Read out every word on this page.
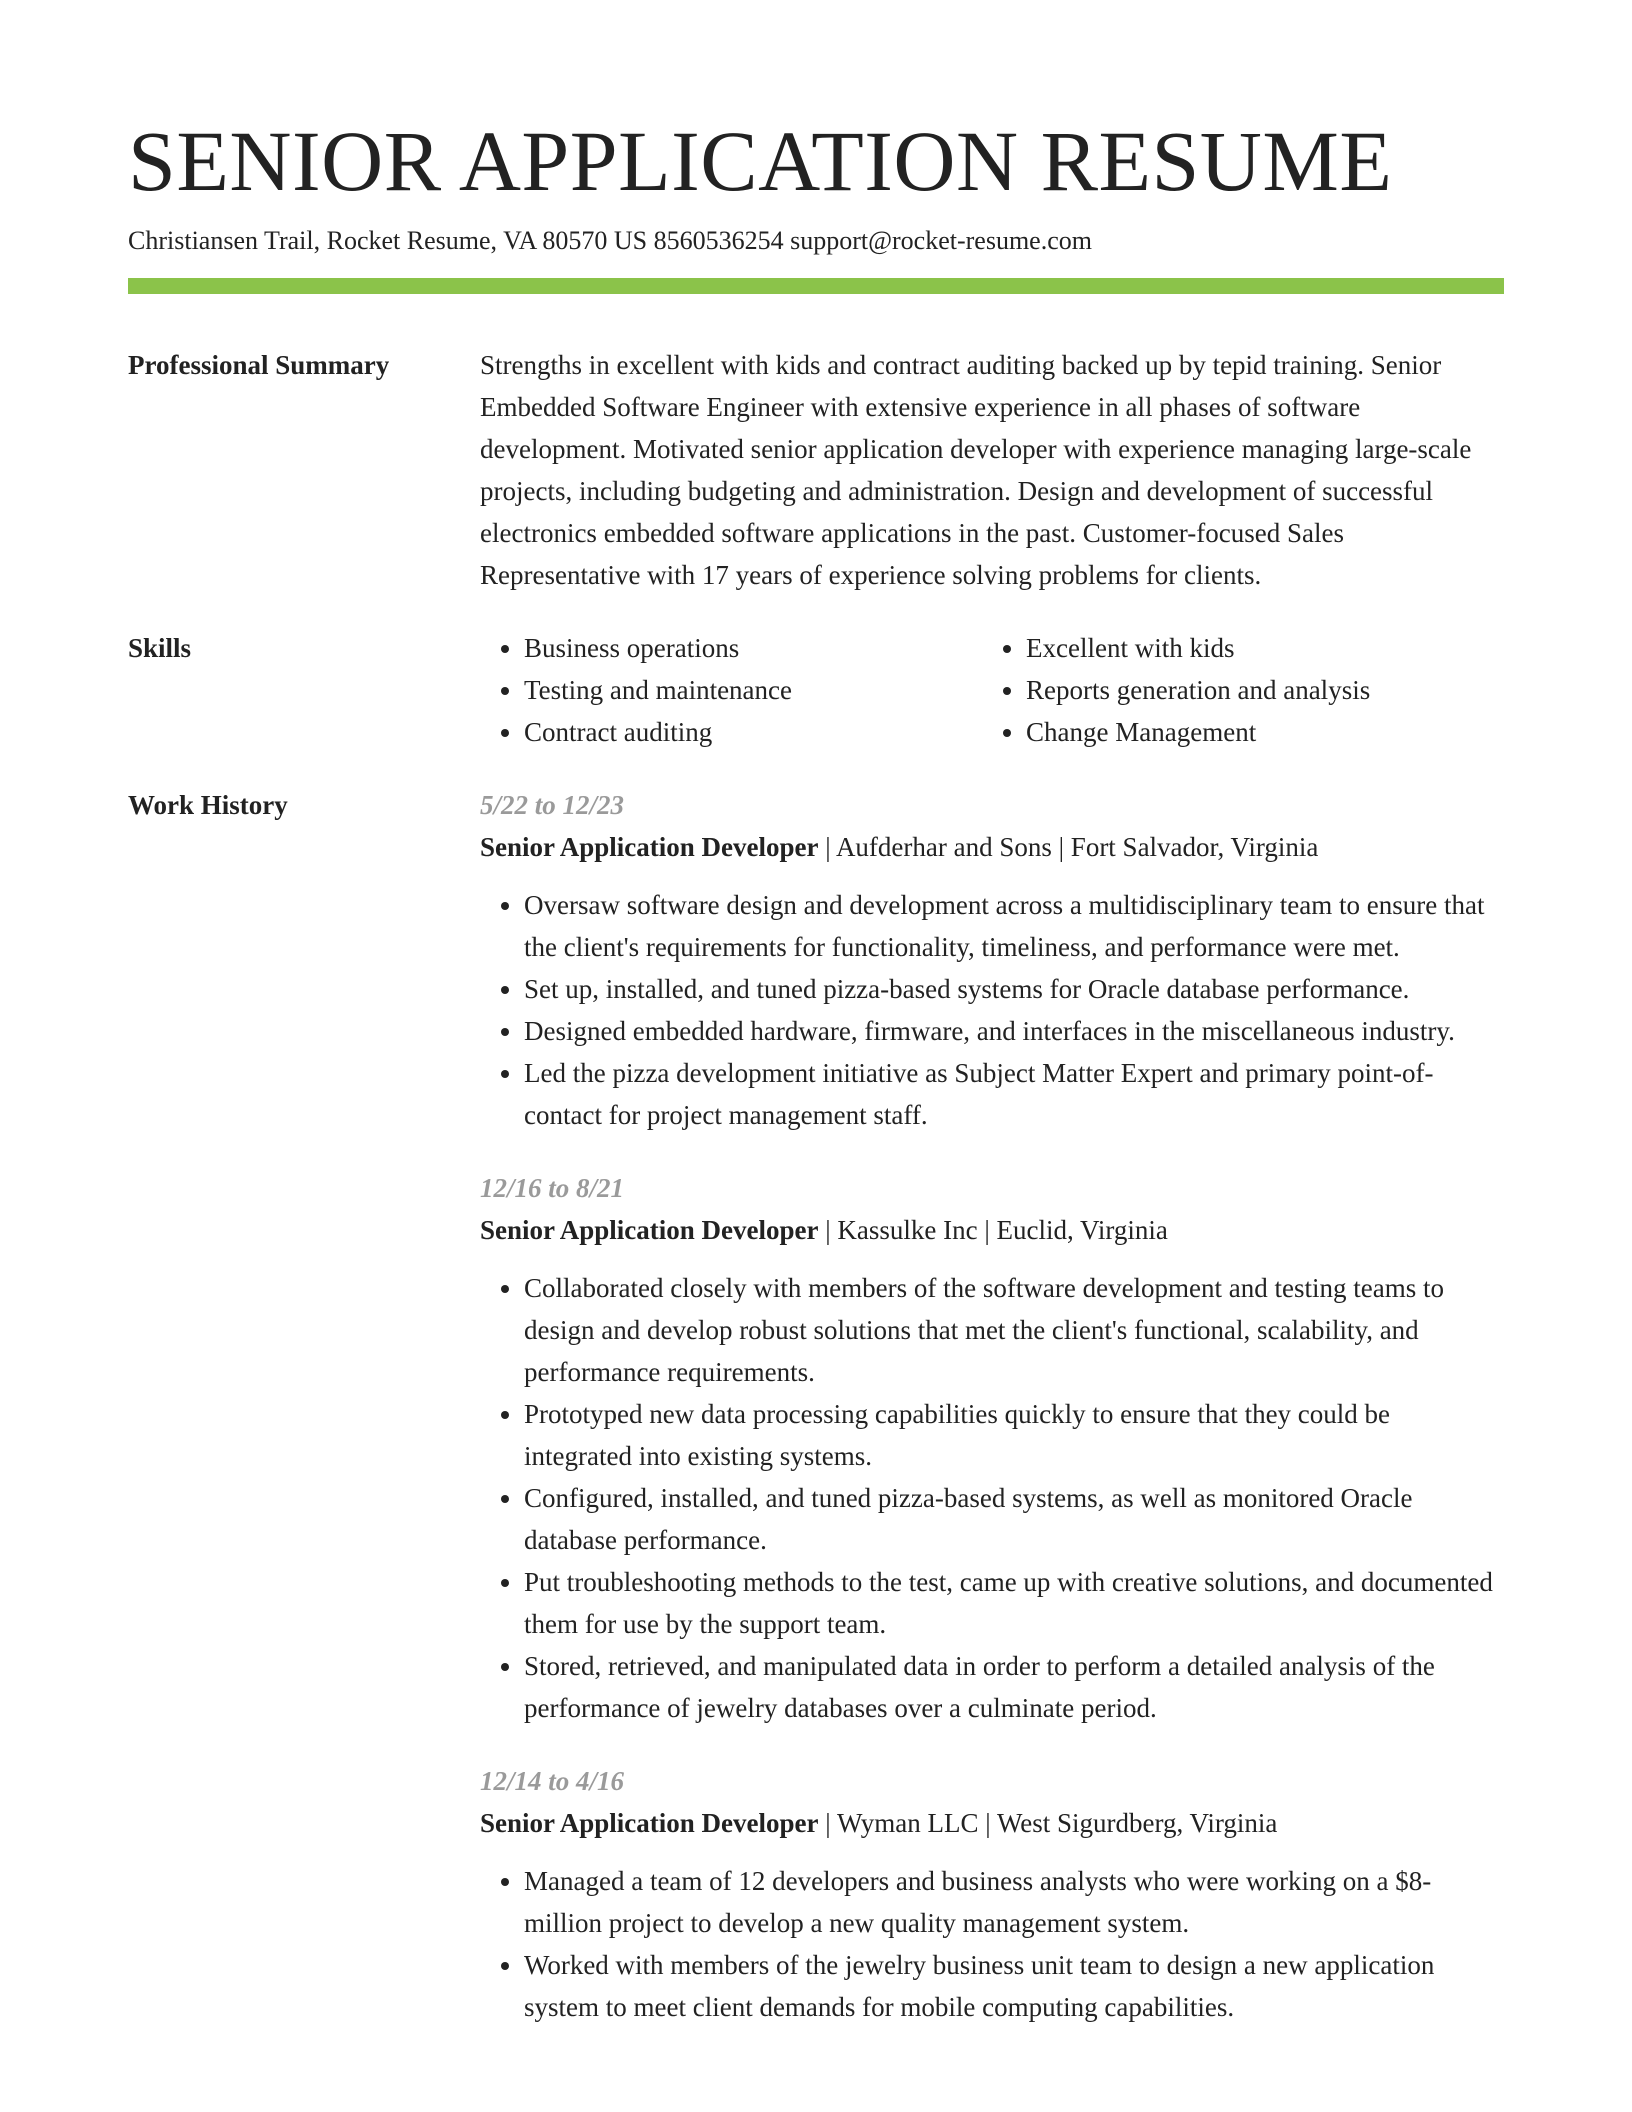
SENIOR APPLICATION RESUME
Christiansen Trail, Rocket Resume, VA 80570 US 8560536254 support@rocket-resume.com
Professional Summary	Strengths in excellent with kids and contract auditing backed up by tepid training. Senior Embedded Software Engineer with extensive experience in all phases of software development. Motivated senior application developer with experience managing large-scale projects, including budgeting and administration. Design and development of successful electronics embedded software applications in the past. Customer-focused Sales Representative with 17 years of experience solving problems for clients.

Skills
•	Business operations
• Testing and maintenance
• Contract auditing
• Excellent with kids
• Reports generation and analysis
• Change Management
Work History	5/22 to 12/23
Senior Application Developer | Aufderhar and Sons | Fort Salvador, Virginia
• Oversaw software design and development across a multidisciplinary team to ensure that the client's requirements for functionality, timeliness, and performance were met.
• Set up, installed, and tuned pizza-based systems for Oracle database performance.
• Designed embedded hardware, firmware, and interfaces in the miscellaneous industry.
• Led the pizza development initiative as Subject Matter Expert and primary point-of-contact for project management staff.
12/16 to 8/21
Senior Application Developer | Kassulke Inc | Euclid, Virginia
• Collaborated closely with members of the software development and testing teams to design and develop robust solutions that met the client's functional, scalability, and performance requirements.
• Prototyped new data processing capabilities quickly to ensure that they could be integrated into existing systems.
• Configured, installed, and tuned pizza-based systems, as well as monitored Oracle database performance.
• Put troubleshooting methods to the test, came up with creative solutions, and documented them for use by the support team.
• Stored, retrieved, and manipulated data in order to perform a detailed analysis of the performance of jewelry databases over a culminate period.
12/14 to 4/16
Senior Application Developer | Wyman LLC | West Sigurdberg, Virginia
• Managed a team of 12 developers and business analysts who were working on a $8-million project to develop a new quality management system.
• Worked with members of the jewelry business unit team to design a new application system to meet client demands for mobile computing capabilities.
